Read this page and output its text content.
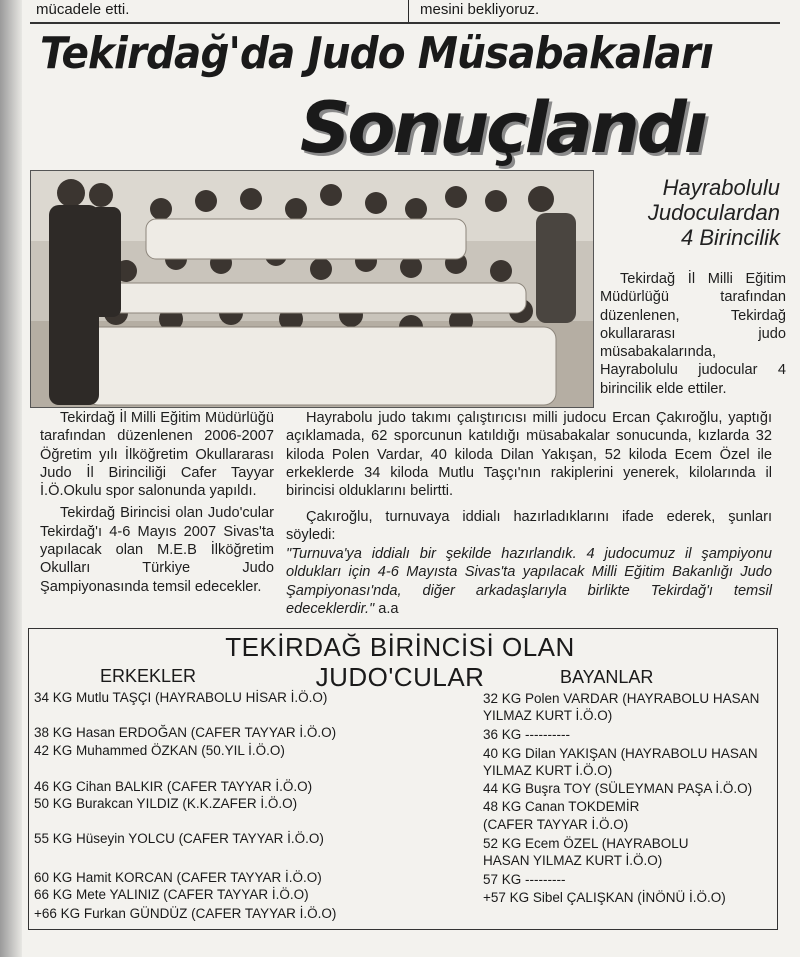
mücadele etti.	mesini bekliyoruz.
Tekirdağ'da Judo Müsabakaları
Sonuçlandı
Hayrabolulu
Judoculardan
4 Birincilik
Tekirdağ İl Milli Eğitim Müdürlüğü tarafından düzenlenen, Tekirdağ okullararası judo müsabakalarında, Hayrabolulu judocular 4 birincilik elde ettiler.
Tekirdağ İl Milli Eğitim Müdürlüğü tarafından düzenlenen 2006-2007 Öğretim yılı İlköğretim Okullararası Judo İl Birinciliği Cafer Tayyar İ.Ö.Okulu spor salonunda yapıldı.
Tekirdağ Birincisi olan Judo'cular Tekirdağ'ı 4-6 Mayıs 2007 Sivas'ta yapılacak olan M.E.B İlköğretim Okulları Türkiye Judo Şampiyonasında temsil edecekler.
Hayrabolu judo takımı çalıştırıcısı milli judocu Ercan Çakıroğlu, yaptığı açıklamada, 62 sporcunun katıldığı müsabakalar sonucunda, kızlarda 32 kiloda Polen Vardar, 40 kiloda Dilan Yakışan, 52 kiloda Ecem Özel ile erkeklerde 34 kiloda Mutlu Taşçı'nın rakiplerini yenerek, kilolarında il birincisi olduklarını belirtti.
Çakıroğlu, turnuvaya iddialı hazırladıklarını ifade ederek, şunları söyledi:
"Turnuva'ya iddialı bir şekilde hazırlandık. 4 judocumuz il şampiyonu oldukları için 4-6 Mayısta Sivas'ta yapılacak Milli Eğitim Bakanlığı Judo Şampiyonası'nda, diğer arkadaşlarıyla birlikte Tekirdağ'ı temsil edeceklerdir." a.a
TEKİRDAĞ BİRİNCİSİ OLAN JUDO'CULAR
ERKEKLER	BAYANLAR
34 KG Mutlu TAŞÇI (HAYRABOLU HİSAR İ.Ö.O)
38 KG Hasan ERDOĞAN (CAFER TAYYAR İ.Ö.O)
42 KG Muhammed ÖZKAN (50.YIL İ.Ö.O)
46 KG Cihan BALKIR (CAFER TAYYAR İ.Ö.O)
50 KG Burakcan YILDIZ (K.K.ZAFER İ.Ö.O)
55 KG Hüseyin YOLCU (CAFER TAYYAR İ.Ö.O)
60 KG Hamit KORCAN (CAFER TAYYAR İ.Ö.O)
66 KG Mete YALINIZ (CAFER TAYYAR İ.Ö.O)
+66 KG Furkan GÜNDÜZ (CAFER TAYYAR İ.Ö.O)
32 KG Polen VARDAR (HAYRABOLU HASAN
YILMAZ KURT İ.Ö.O)
36 KG ----------
40 KG Dilan YAKIŞAN (HAYRABOLU HASAN
YILMAZ KURT İ.Ö.O)
44 KG Buşra TOY (SÜLEYMAN PAŞA İ.Ö.O)
48 KG Canan TOKDEMİR
(CAFER TAYYAR İ.Ö.O)
52 KG Ecem ÖZEL (HAYRABOLU
HASAN YILMAZ KURT İ.Ö.O)
57 KG ---------
+57 KG Sibel ÇALIŞKAN (İNÖNÜ İ.Ö.O)
